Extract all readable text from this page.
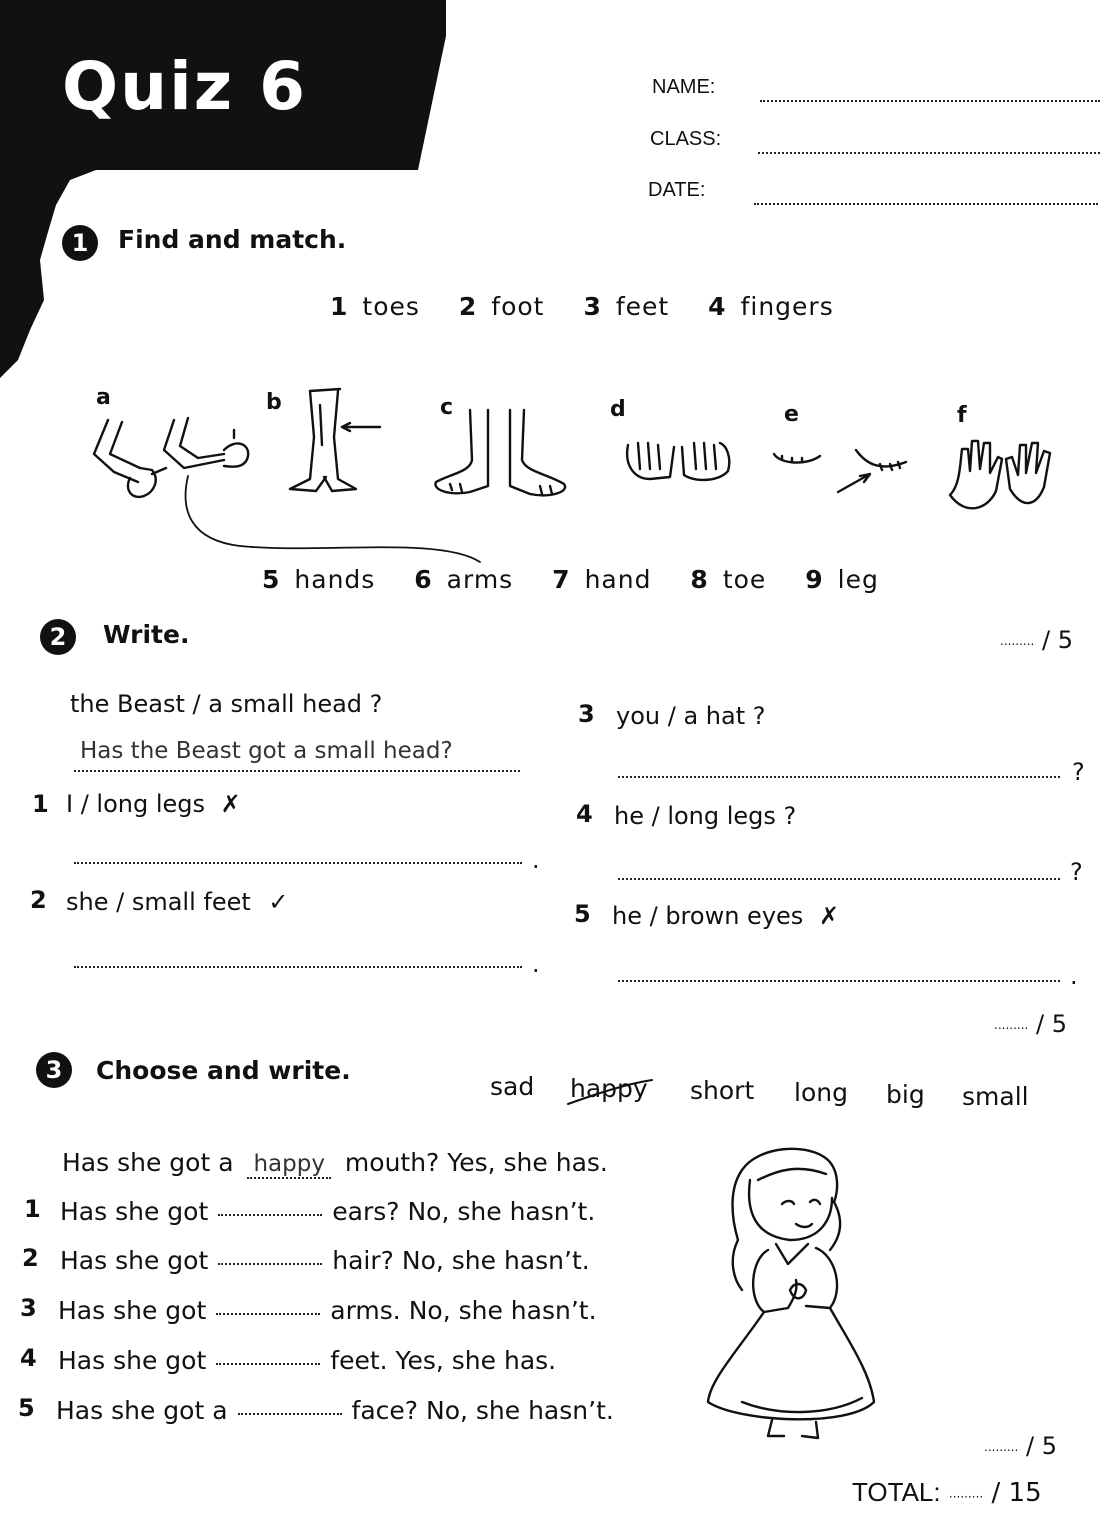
Quiz 6	NAME:
CLASS:
DATE:
1	Find and match.
1 toes 2 foot 3 feet 4 fingers
a	b	c	d	e	f
5 hands 6 arms 7 hand 8 toe 9 leg
......... / 5
2	Write.
the Beast / a small head ?
Has the Beast got a small head?
1 I / long legs ✗
.
2 she / small feet ✓
.
3 you / a hat ?
?
4 he / long legs ?
?
5 he / brown eyes ✗
.
......... / 5
3	Choose and write.
sad happy short long big small
Has she got a happy mouth? Yes, she has.
1 Has she got	ears? No, she hasn’t.
2 Has she got	hair? No, she hasn’t.
3 Has she got	arms. No, she hasn’t.
4 Has she got	feet. Yes, she has.
5 Has she got a	face? No, she hasn’t.
......... / 5
TOTAL: ......... / 15
